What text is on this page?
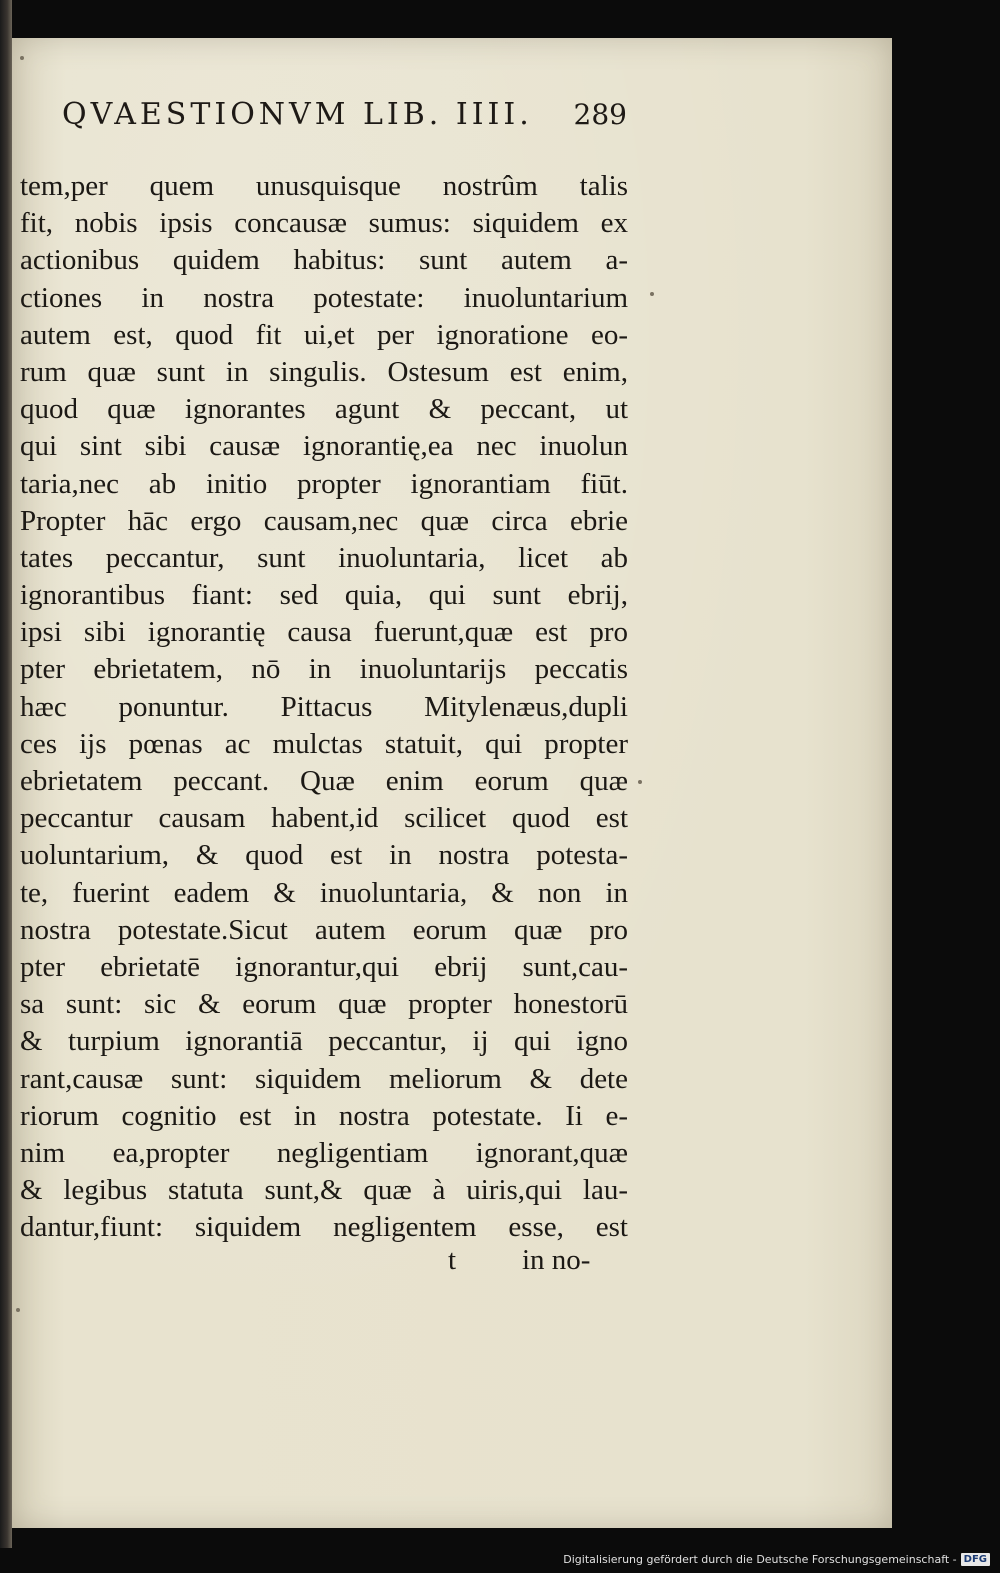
QVAESTIONVM LIB. IIII. 289
tem,per quem unusquisque nostrûm talis
fit, nobis ipsis concausæ sumus: siquidem ex
actionibus quidem habitus: sunt autem a-
ctiones in nostra potestate: inuoluntarium
autem est, quod fit ui,et per ignoratione eo-
rum quæ sunt in singulis. Ostesum est enim,
quod quæ ignorantes agunt & peccant, ut
qui sint sibi causæ ignorantię,ea nec inuolun
taria,nec ab initio propter ignorantiam fiūt.
Propter hāc ergo causam,nec quæ circa ebrie
tates peccantur, sunt inuoluntaria, licet ab
ignorantibus fiant: sed quia, qui sunt ebrij,
ipsi sibi ignorantię causa fuerunt,quæ est pro
pter ebrietatem, nō in inuoluntarijs peccatis
hæc ponuntur. Pittacus Mitylenæus,dupli
ces ijs pœnas ac mulctas statuit, qui propter
ebrietatem peccant. Quæ enim eorum quæ
peccantur causam habent,id scilicet quod est
uoluntarium, & quod est in nostra potesta-
te, fuerint eadem & inuoluntaria, & non in
nostra potestate.Sicut autem eorum quæ pro
pter ebrietatē ignorantur,qui ebrij sunt,cau-
sa sunt: sic & eorum quæ propter honestorū
& turpium ignorantiā peccantur, ij qui igno
rant,causæ sunt: siquidem meliorum & dete
riorum cognitio est in nostra potestate. Ii e-
nim ea,propter negligentiam ignorant,quæ
& legibus statuta sunt,& quæ à uiris,qui lau-
dantur,fiunt: siquidem negligentem esse, est
t in no-
Digitalisierung gefördert durch die Deutsche Forschungsgemeinschaft - DFG
